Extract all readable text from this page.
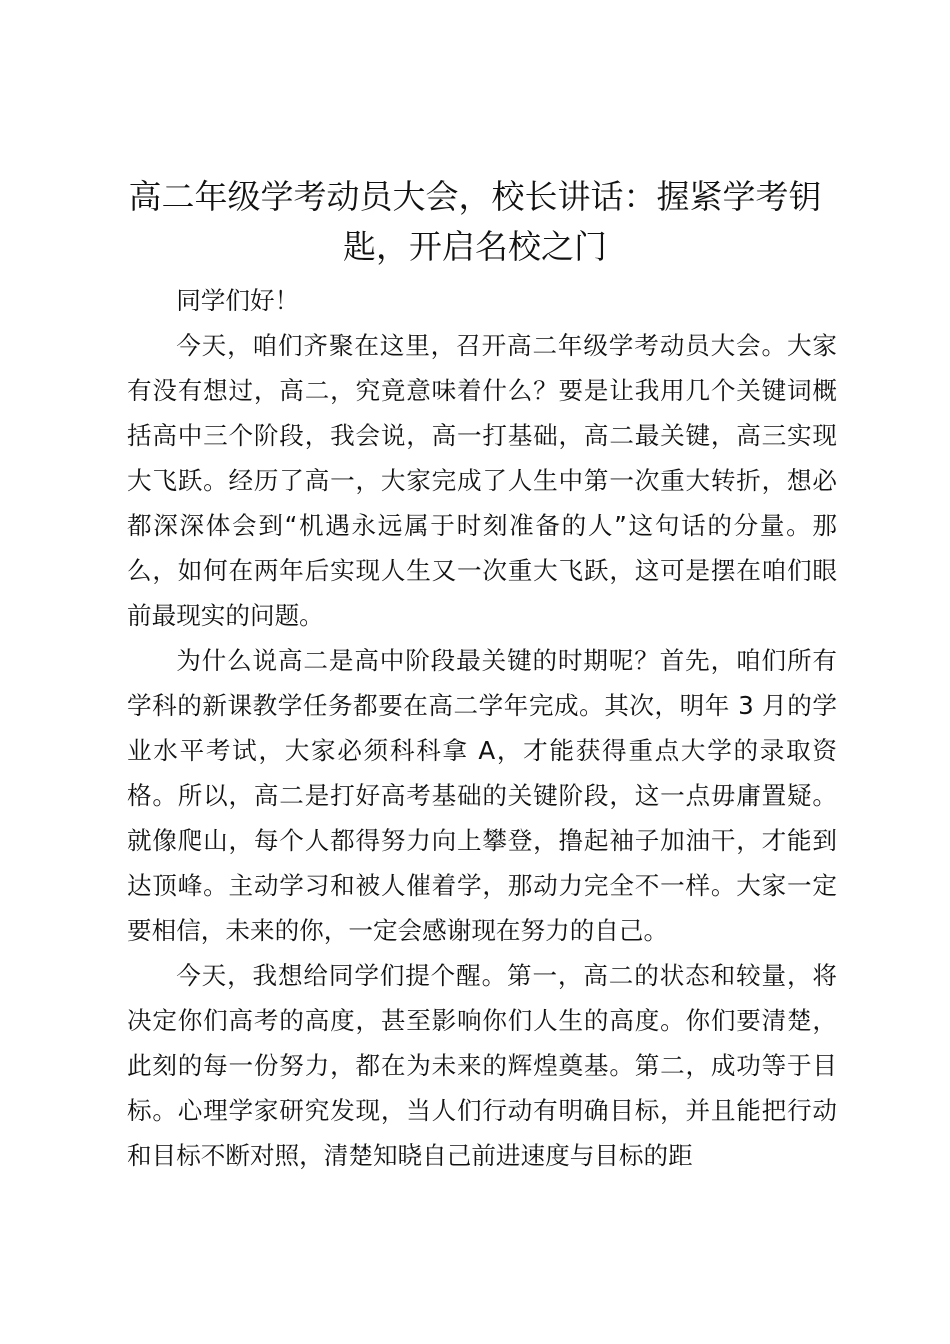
高二年级学考动员大会，校长讲话：握紧学考钥匙，开启名校之门

同学们好！

今天，咱们齐聚在这里，召开高二年级学考动员大会。大家有没有想过，高二，究竟意味着什么？要是让我用几个关键词概括高中三个阶段，我会说，高一打基础，高二最关键，高三实现大飞跃。经历了高一，大家完成了人生中第一次重大转折，想必都深深体会到“机遇永远属于时刻准备的人”这句话的分量。那么，如何在两年后实现人生又一次重大飞跃，这可是摆在咱们眼前最现实的问题。

为什么说高二是高中阶段最关键的时期呢？首先，咱们所有学科的新课教学任务都要在高二学年完成。其次，明年 3 月的学业水平考试，大家必须科科拿 A，才能获得重点大学的录取资格。所以，高二是打好高考基础的关键阶段，这一点毋庸置疑。就像爬山，每个人都得努力向上攀登，撸起袖子加油干，才能到达顶峰。主动学习和被人催着学，那动力完全不一样。大家一定要相信，未来的你，一定会感谢现在努力的自己。

今天，我想给同学们提个醒。第一，高二的状态和较量，将决定你们高考的高度，甚至影响你们人生的高度。你们要清楚，此刻的每一份努力，都在为未来的辉煌奠基。第二，成功等于目标。心理学家研究发现，当人们行动有明确目标，并且能把行动和目标不断对照，清楚知晓自己前进速度与目标的距
